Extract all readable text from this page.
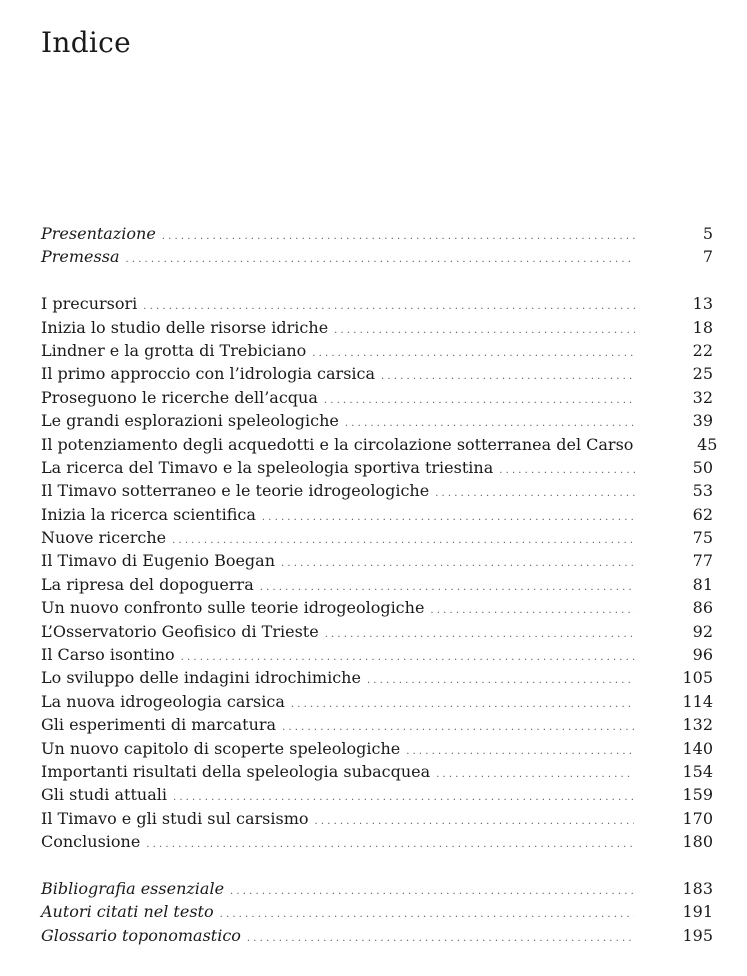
Indice
Presentazione . . .	5
Premessa . . .	7
I precursori . . .	13
Inizia lo studio delle risorse idriche . . .	18
Lindner e la grotta di Trebiciano . . .	22
Il primo approccio con l’idrologia carsica . . .	25
Proseguono le ricerche dell’acqua . . .	32
Le grandi esplorazioni speleologiche . . .	39
Il potenziamento degli acquedotti e la circolazione sotterranea del Carso	45
La ricerca del Timavo e la speleologia sportiva triestina . . .	50
Il Timavo sotterraneo e le teorie idrogeologiche . . .	53
Inizia la ricerca scientifica . . .	62
Nuove ricerche . . .	75
Il Timavo di Eugenio Boegan . . .	77
La ripresa del dopoguerra . . .	81
Un nuovo confronto sulle teorie idrogeologiche . . .	86
L’Osservatorio Geofisico di Trieste . . .	92
Il Carso isontino . . .	96
Lo sviluppo delle indagini idrochimiche . . .	105
La nuova idrogeologia carsica . . .	114
Gli esperimenti di marcatura . . .	132
Un nuovo capitolo di scoperte speleologiche . . .	140
Importanti risultati della speleologia subacquea . . .	154
Gli studi attuali . . .	159
Il Timavo e gli studi sul carsismo . . .	170
Conclusione . . .	180
Bibliografia essenziale . . .	183
Autori citati nel testo . . .	191
Glossario toponomastico . . .	195
